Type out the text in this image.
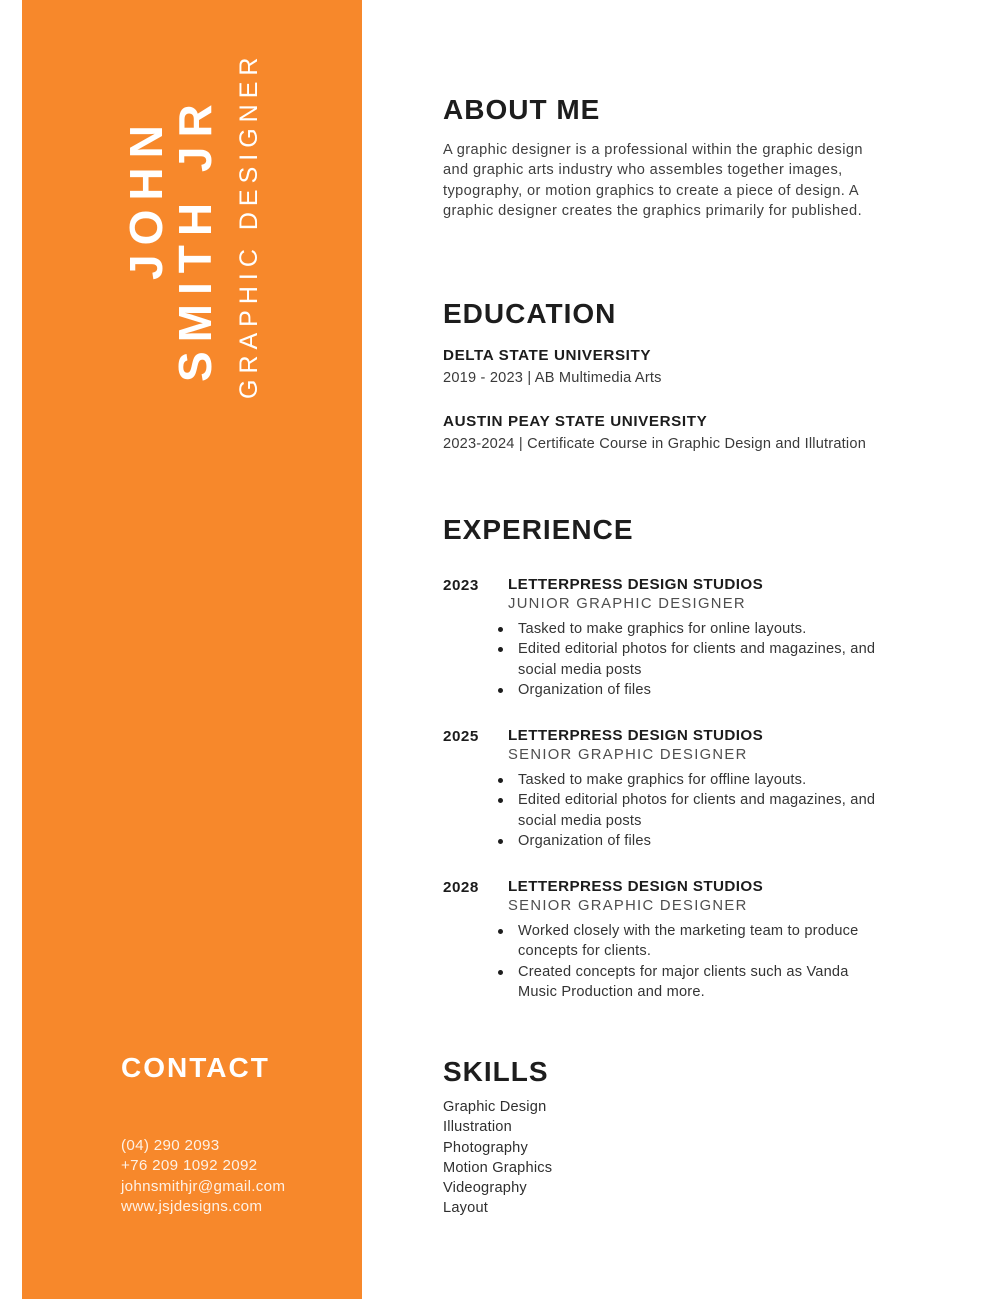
JOHN
SMITH JR GRAPHIC DESIGNER
CONTACT
(04) 290 2093
+76 209 1092 2092
johnsmithjr@gmail.com
www.jsjdesigns.com
ABOUT ME
A graphic designer is a professional within the graphic design and graphic arts industry who assembles together images, typography, or motion graphics to create a piece of design. A graphic designer creates the graphics primarily for published.
EDUCATION
DELTA STATE UNIVERSITY
2019 - 2023 | AB Multimedia Arts
AUSTIN PEAY STATE UNIVERSITY
2023-2024 | Certificate Course in Graphic Design and Illutration
EXPERIENCE
2023 LETTERPRESS DESIGN STUDIOS
JUNIOR GRAPHIC DESIGNER
Tasked to make graphics for online layouts.
Edited editorial photos for clients and magazines, and social media posts
Organization of files
2025 LETTERPRESS DESIGN STUDIOS
SENIOR GRAPHIC DESIGNER
Tasked to make graphics for offline layouts.
Edited editorial photos for clients and magazines, and social media posts
Organization of files
2028 LETTERPRESS DESIGN STUDIOS
SENIOR GRAPHIC DESIGNER
Worked closely with the marketing team to produce concepts for clients.
Created concepts for major clients such as Vanda Music Production and more.
SKILLS
Graphic Design
Illustration
Photography
Motion Graphics
Videography
Layout
